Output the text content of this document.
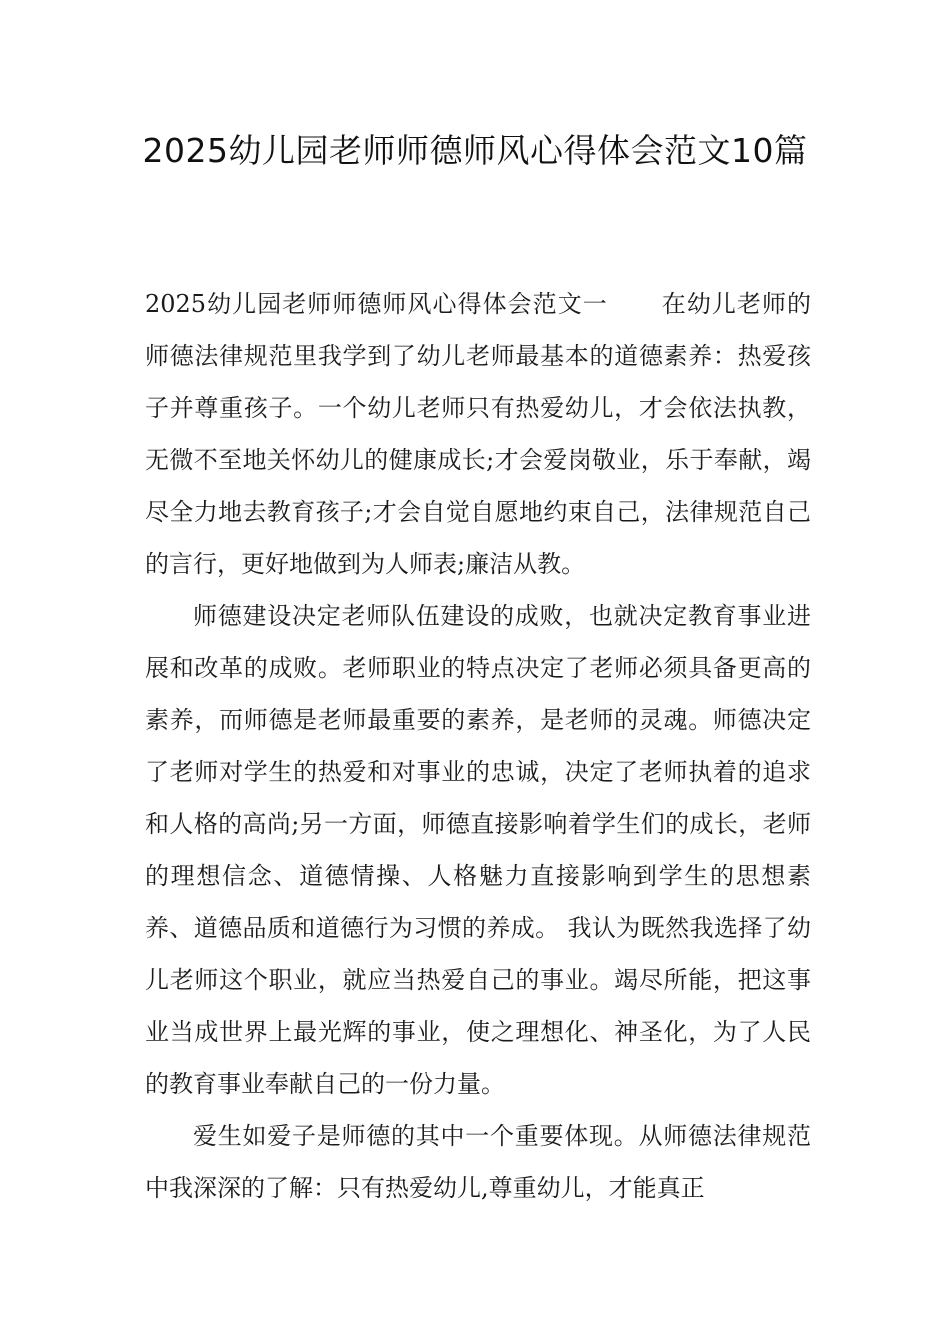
2025幼儿园老师师德师风心得体会范文10篇

2025幼儿园老师师德师风心得体会范文一 在幼儿老师的师德法律规范里我学到了幼儿老师最基本的道德素养：热爱孩子并尊重孩子。一个幼儿老师只有热爱幼儿，才会依法执教，无微不至地关怀幼儿的健康成长;才会爱岗敬业，乐于奉献，竭尽全力地去教育孩子;才会自觉自愿地约束自己，法律规范自己的言行，更好地做到为人师表;廉洁从教。

师德建设决定老师队伍建设的成败，也就决定教育事业进展和改革的成败。老师职业的特点决定了老师必须具备更高的素养，而师德是老师最重要的素养，是老师的灵魂。师德决定了老师对学生的热爱和对事业的忠诚，决定了老师执着的追求和人格的高尚;另一方面，师德直接影响着学生们的成长，老师的理想信念、道德情操、人格魅力直接影响到学生的思想素养、道德品质和道德行为习惯的养成。 我认为既然我选择了幼儿老师这个职业，就应当热爱自己的事业。竭尽所能，把这事业当成世界上最光辉的事业，使之理想化、神圣化，为了人民的教育事业奉献自己的一份力量。

爱生如爱子是师德的其中一个重要体现。从师德法律规范中我深深的了解：只有热爱幼儿,尊重幼儿，才能真正
